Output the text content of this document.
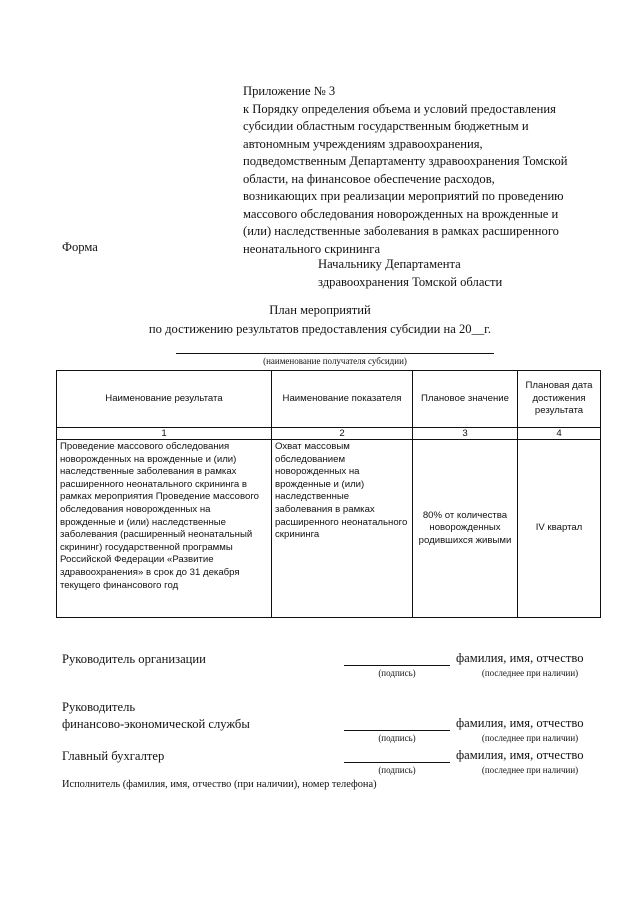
Приложение № 3
к Порядку определения объема и условий предоставления
субсидии областным государственным бюджетным и
автономным учреждениям здравоохранения,
подведомственным Департаменту здравоохранения Томской
области, на финансовое обеспечение расходов,
возникающих при реализации мероприятий по проведению
массового обследования новорожденных на врожденные и
(или) наследственные заболевания в рамках расширенного
неонатального скрининга
Форма
Начальнику Департамента
здравоохранения Томской области
План мероприятий
по достижению результатов предоставления субсидии на 20__г.
(наименование получателя субсидии)
Наименование результата	Наименование показателя	Плановое значение	Плановая дата достижения результата
1	2	3	4
Проведение массового обследования новорожденных на врожденные и (или) наследственные заболевания в рамках расширенного неонатального скрининга в рамках мероприятия Проведение массового обследования новорожденных на врожденные и (или) наследственные заболевания (расширенный неонатальный скрининг) государственной программы Российской Федерации «Развитие здравоохранения» в срок до 31 декабря текущего финансового год	Охват массовым обследованием новорожденных на врожденные и (или) наследственные заболевания в рамках расширенного неонатального скрининга	80% от количества новорожденных родившихся живыми	IV квартал
Руководитель организации	фамилия, имя, отчество
(подпись)	(последнее при наличии)
Руководитель
финансово-экономической службы	фамилия, имя, отчество
(подпись)	(последнее при наличии)
Главный бухгалтер	фамилия, имя, отчество
(подпись)	(последнее при наличии)
Исполнитель (фамилия, имя, отчество (при наличии), номер телефона)
